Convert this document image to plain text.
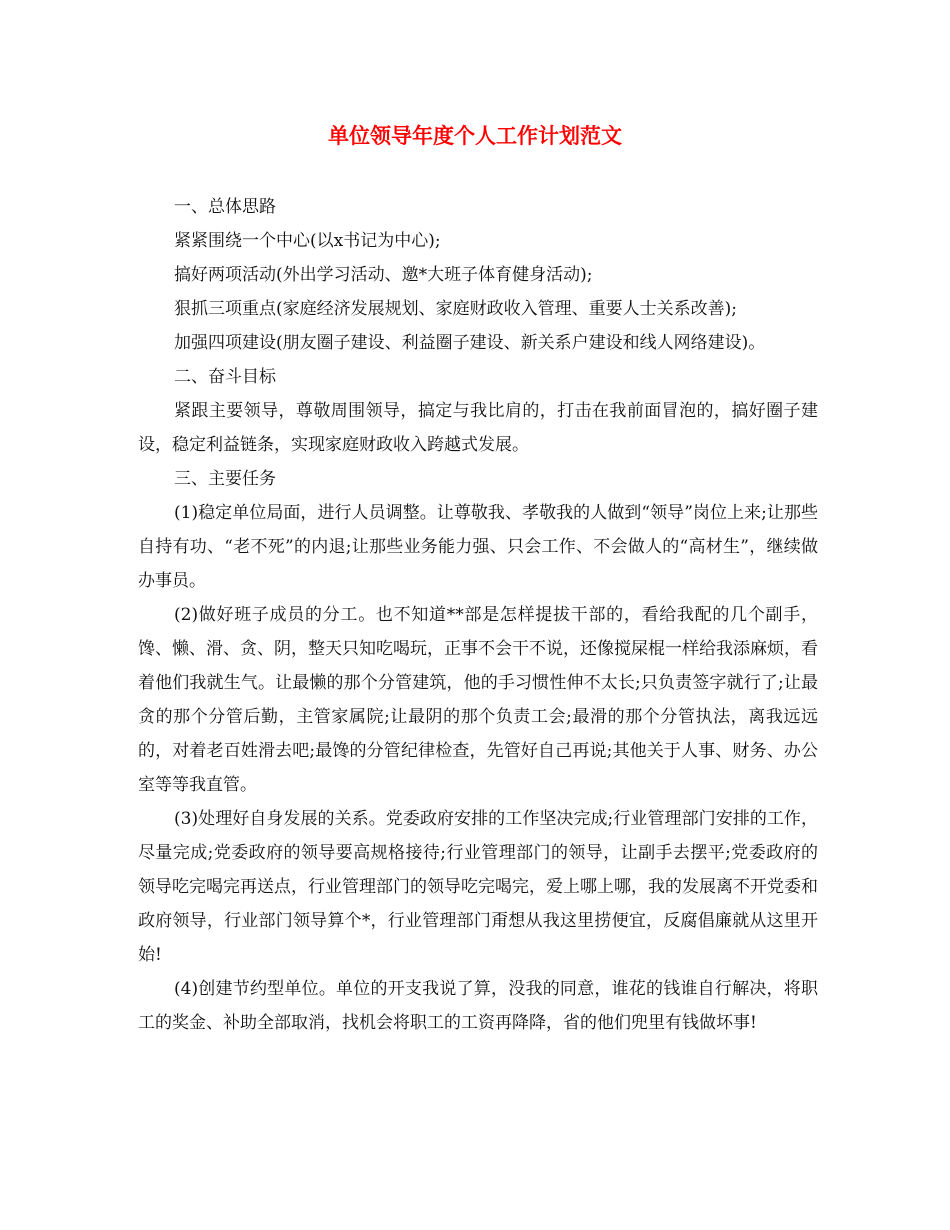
单位领导年度个人工作计划范文

一、总体思路

紧紧围绕一个中心(以x书记为中心);

搞好两项活动(外出学习活动、邀*大班子体育健身活动);

狠抓三项重点(家庭经济发展规划、家庭财政收入管理、重要人士关系改善);

加强四项建设(朋友圈子建设、利益圈子建设、新关系户建设和线人网络建设)。

二、奋斗目标

紧跟主要领导，尊敬周围领导，搞定与我比肩的，打击在我前面冒泡的，搞好圈子建设，稳定利益链条，实现家庭财政收入跨越式发展。

三、主要任务

(1)稳定单位局面，进行人员调整。让尊敬我、孝敬我的人做到“领导”岗位上来;让那些自持有功、“老不死”的内退;让那些业务能力强、只会工作、不会做人的“高材生”，继续做办事员。

(2)做好班子成员的分工。也不知道**部是怎样提拔干部的，看给我配的几个副手，馋、懒、滑、贪、阴，整天只知吃喝玩，正事不会干不说，还像搅屎棍一样给我添麻烦，看着他们我就生气。让最懒的那个分管建筑，他的手习惯性伸不太长;只负责签字就行了;让最贪的那个分管后勤，主管家属院;让最阴的那个负责工会;最滑的那个分管执法，离我远远的，对着老百姓滑去吧;最馋的分管纪律检查，先管好自己再说;其他关于人事、财务、办公室等等我直管。

(3)处理好自身发展的关系。党委政府安排的工作坚决完成;行业管理部门安排的工作，尽量完成;党委政府的领导要高规格接待;行业管理部门的领导，让副手去摆平;党委政府的领导吃完喝完再送点，行业管理部门的领导吃完喝完，爱上哪上哪，我的发展离不开党委和政府领导，行业部门领导算个*，行业管理部门甭想从我这里捞便宜，反腐倡廉就从这里开始!

(4)创建节约型单位。单位的开支我说了算，没我的同意，谁花的钱谁自行解决，将职工的奖金、补助全部取消，找机会将职工的工资再降降，省的他们兜里有钱做坏事!
